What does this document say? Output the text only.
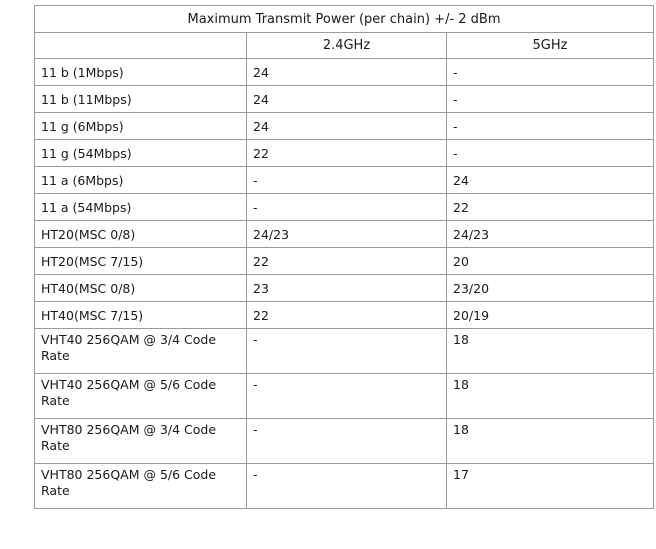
Maximum Transmit Power (per chain) +/- 2 dBm		
	2.4GHz	5GHz
11 b (1Mbps)	24	-
11 b (11Mbps)	24	-
11 g (6Mbps)	24	-
11 g (54Mbps)	22	-
11 a (6Mbps)	-	24
11 a (54Mbps)	-	22
HT20(MSC 0/8)	24/23	24/23
HT20(MSC 7/15)	22	20
HT40(MSC 0/8)	23	23/20
HT40(MSC 7/15)	22	20/19
VHT40 256QAM @ 3/4 Code Rate	-	18
VHT40 256QAM @ 5/6 Code Rate	-	18
VHT80 256QAM @ 3/4 Code Rate	-	18
VHT80 256QAM @ 5/6 Code Rate	-	17
